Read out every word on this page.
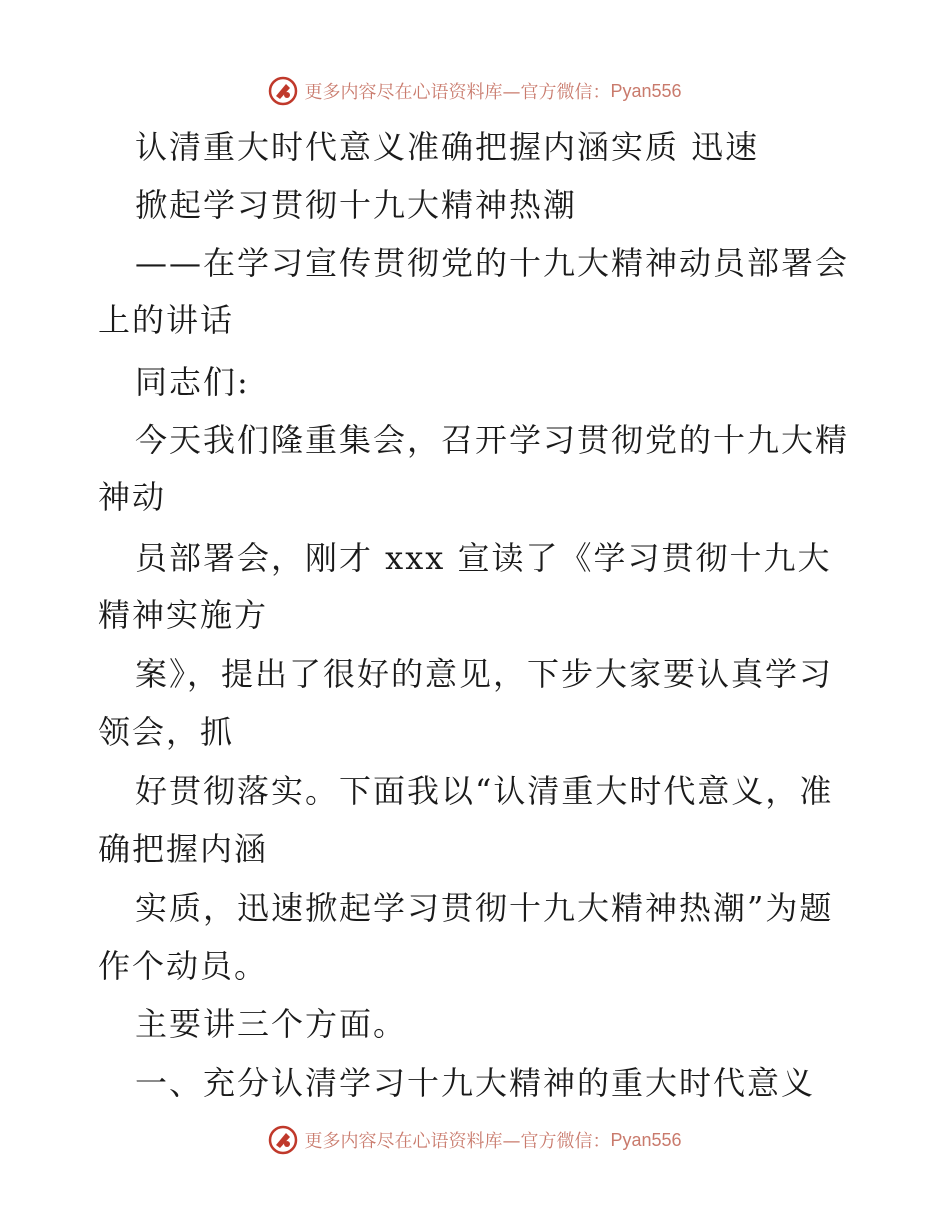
更多内容尽在心语资料库—官方微信： Pyan556
认清重大时代意义准确把握内涵实质 迅速
掀起学习贯彻十九大精神热潮
——在学习宣传贯彻党的十九大精神动员部署会
上的讲话
同志们:
今天我们隆重集会，召开学习贯彻党的十九大精
神动
员部署会，刚才 xxx 宣读了《学习贯彻十九大
精神实施方
案》，提出了很好的意见，下步大家要认真学习
领会，抓
好贯彻落实。下面我以“认清重大时代意义，准
确把握内涵
实质，迅速掀起学习贯彻十九大精神热潮”为题
作个动员。
主要讲三个方面。
一、充分认清学习十九大精神的重大时代意义
更多内容尽在心语资料库—官方微信： Pyan556
